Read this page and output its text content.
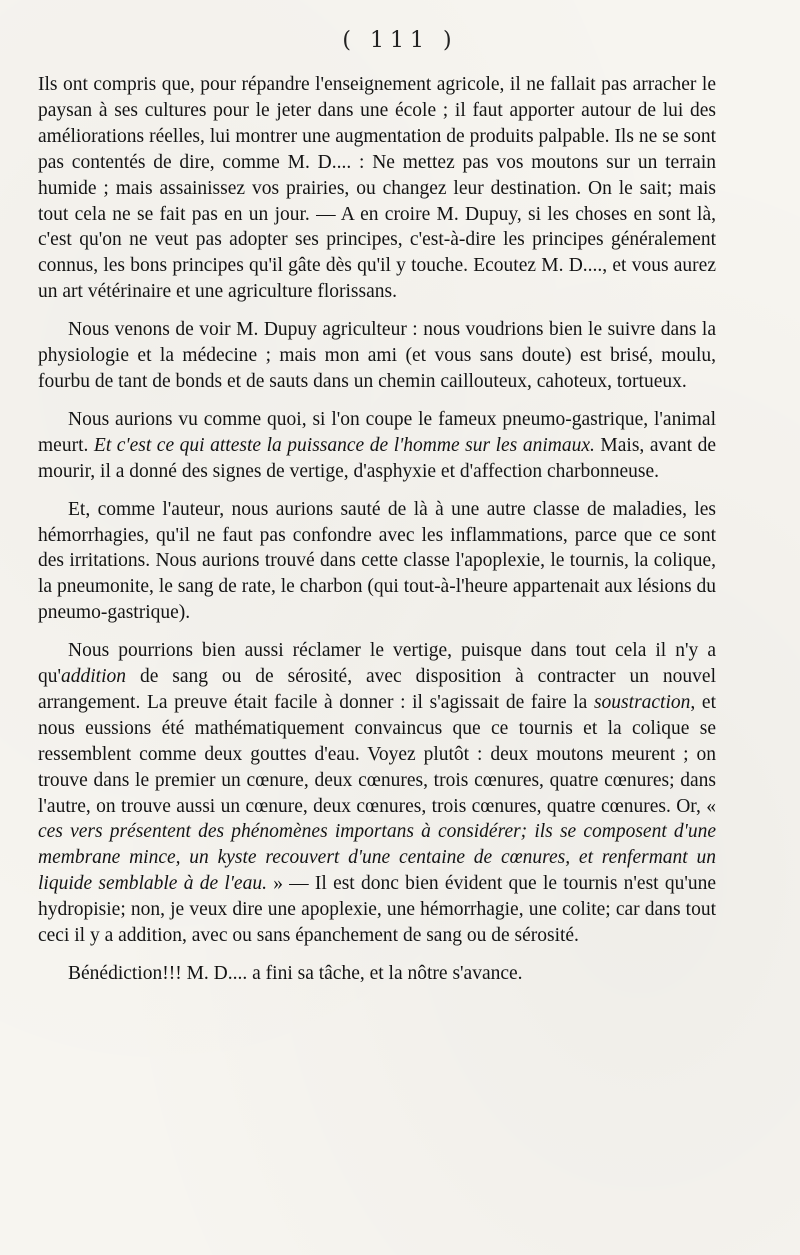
( 111 )

Ils ont compris que, pour répandre l'enseignement agricole, il ne fallait pas arracher le paysan à ses cultures pour le jeter dans une école ; il faut apporter autour de lui des améliorations réelles, lui montrer une augmentation de produits palpable. Ils ne se sont pas contentés de dire, comme M. D.... : Ne mettez pas vos moutons sur un terrain humide ; mais assainissez vos prairies, ou changez leur destination. On le sait; mais tout cela ne se fait pas en un jour. — A en croire M. Dupuy, si les choses en sont là, c'est qu'on ne veut pas adopter ses principes, c'est-à-dire les principes généralement connus, les bons principes qu'il gâte dès qu'il y touche. Ecoutez M. D...., et vous aurez un art vétérinaire et une agriculture florissans.

Nous venons de voir M. Dupuy agriculteur : nous voudrions bien le suivre dans la physiologie et la médecine ; mais mon ami (et vous sans doute) est brisé, moulu, fourbu de tant de bonds et de sauts dans un chemin caillouteux, cahoteux, tortueux.

Nous aurions vu comme quoi, si l'on coupe le fameux pneumo-gastrique, l'animal meurt. Et c'est ce qui atteste la puissance de l'homme sur les animaux. Mais, avant de mourir, il a donné des signes de vertige, d'asphyxie et d'affection charbonneuse.

Et, comme l'auteur, nous aurions sauté de là à une autre classe de maladies, les hémorrhagies, qu'il ne faut pas confondre avec les inflammations, parce que ce sont des irritations. Nous aurions trouvé dans cette classe l'apoplexie, le tournis, la colique, la pneumonite, le sang de rate, le charbon (qui tout-à-l'heure appartenait aux lésions du pneumo-gastrique).

Nous pourrions bien aussi réclamer le vertige, puisque dans tout cela il n'y a qu'addition de sang ou de sérosité, avec disposition à contracter un nouvel arrangement. La preuve était facile à donner : il s'agissait de faire la soustraction, et nous eussions été mathématiquement convaincus que ce tournis et la colique se ressemblent comme deux gouttes d'eau. Voyez plutôt : deux moutons meurent ; on trouve dans le premier un cœnure, deux cœnures, trois cœnures, quatre cœnures; dans l'autre, on trouve aussi un cœnure, deux cœnures, trois cœnures, quatre cœnures. Or, « ces vers présentent des phénomènes importans à considérer; ils se composent d'une membrane mince, un kyste recouvert d'une centaine de cœnures, et renfermant un liquide semblable à de l'eau. » — Il est donc bien évident que le tournis n'est qu'une hydropisie; non, je veux dire une apoplexie, une hémorrhagie, une colite; car dans tout ceci il y a addition, avec ou sans épanchement de sang ou de sérosité.

Bénédiction!!! M. D.... a fini sa tâche, et la nôtre s'avance.
